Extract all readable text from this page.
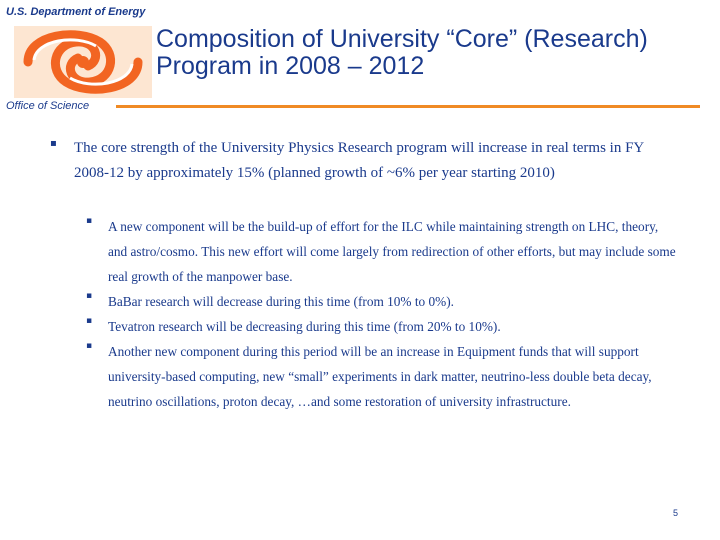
U.S. Department of Energy
Composition of University “Core” (Research)
Program in 2008 – 2012
Office of Science
▪ The core strength of the University Physics Research program will increase in real terms in FY 2008-12 by approximately 15% (planned growth of ~6% per year starting 2010)
▪ A new component will be the build-up of effort for the ILC while maintaining strength on LHC, theory, and astro/cosmo. This new effort will come largely from redirection of other efforts, but may include some real growth of the manpower base.
▪ BaBar research will decrease during this time (from 10% to 0%).
▪ Tevatron research will be decreasing during this time (from 20% to 10%).
▪ Another new component during this period will be an increase in Equipment funds that will support university-based computing, new “small” experiments in dark matter, neutrino-less double beta decay, neutrino oscillations, proton decay, …and some restoration of university infrastructure.
5
